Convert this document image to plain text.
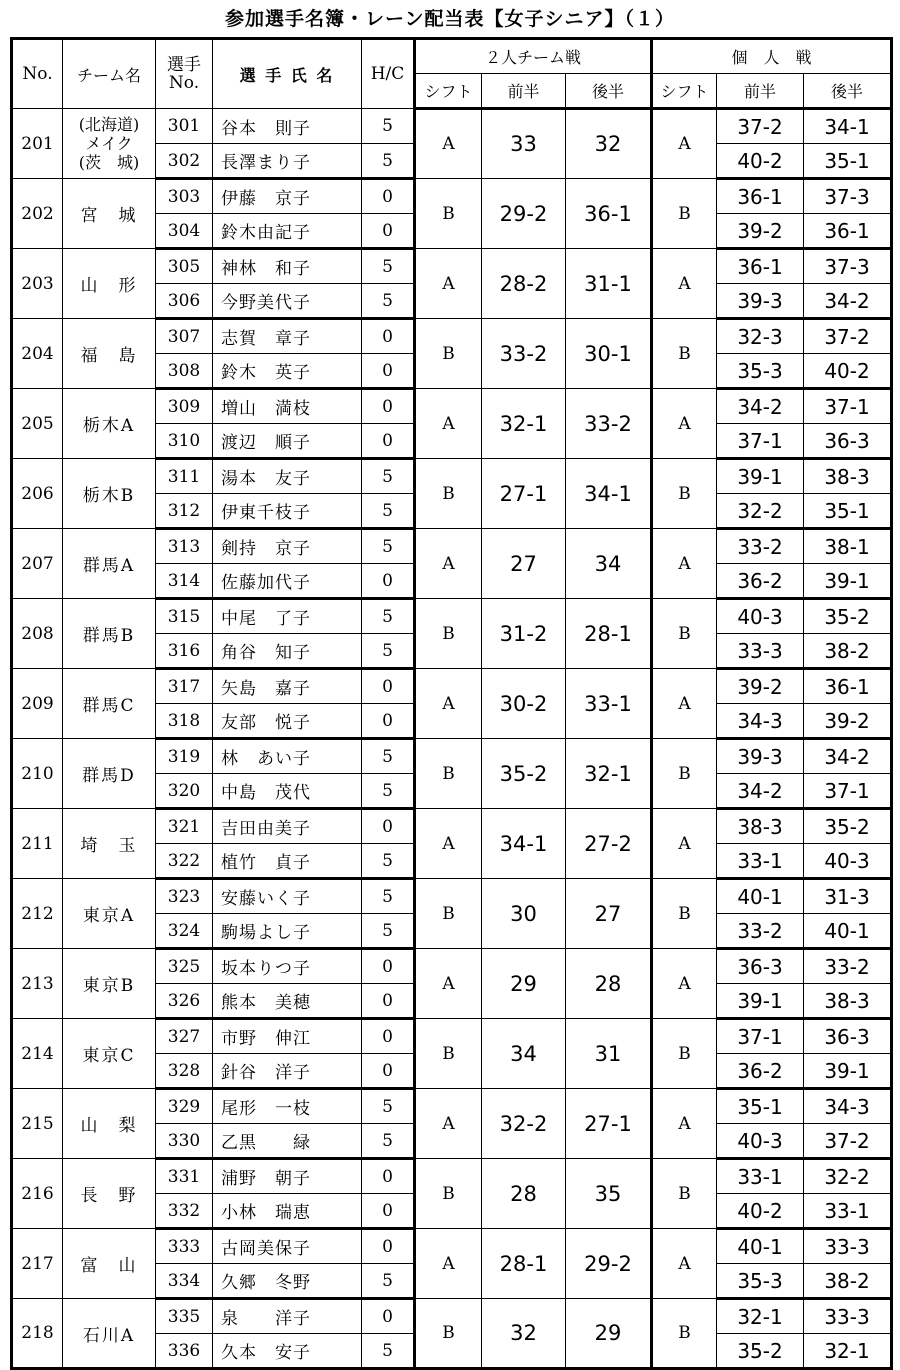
参加選手名簿・レーン配当表【女子シニア】（１）
No.	チーム名	選手
No.	選 手 氏 名	H/C	２人チーム戦			個　人　戦		
					シフト	前半	後半	シフト	前半	後半
201	(北海道)
メイク
(茨　城)	301	谷本　則子	5	A	33	32	A	37-2	34-1
		302	長澤まり子	5					40-2	35-1
202	宮　城	303	伊藤　京子	0	B	29-2	36-1	B	36-1	37-3
		304	鈴木由記子	0					39-2	36-1
203	山　形	305	神林　和子	5	A	28-2	31-1	A	36-1	37-3
		306	今野美代子	5					39-3	34-2
204	福　島	307	志賀　章子	0	B	33-2	30-1	B	32-3	37-2
		308	鈴木　英子	0					35-3	40-2
205	栃木A	309	増山　満枝	0	A	32-1	33-2	A	34-2	37-1
		310	渡辺　順子	0					37-1	36-3
206	栃木B	311	湯本　友子	5	B	27-1	34-1	B	39-1	38-3
		312	伊東千枝子	5					32-2	35-1
207	群馬A	313	剣持　京子	5	A	27	34	A	33-2	38-1
		314	佐藤加代子	0					36-2	39-1
208	群馬B	315	中尾　了子	5	B	31-2	28-1	B	40-3	35-2
		316	角谷　知子	5					33-3	38-2
209	群馬C	317	矢島　嘉子	0	A	30-2	33-1	A	39-2	36-1
		318	友部　悦子	0					34-3	39-2
210	群馬D	319	林　あい子	5	B	35-2	32-1	B	39-3	34-2
		320	中島　茂代	5					34-2	37-1
211	埼　玉	321	吉田由美子	0	A	34-1	27-2	A	38-3	35-2
		322	植竹　貞子	5					33-1	40-3
212	東京A	323	安藤いく子	5	B	30	27	B	40-1	31-3
		324	駒場よし子	5					33-2	40-1
213	東京B	325	坂本りつ子	0	A	29	28	A	36-3	33-2
		326	熊本　美穂	0					39-1	38-3
214	東京C	327	市野　伸江	0	B	34	31	B	37-1	36-3
		328	針谷　洋子	0					36-2	39-1
215	山　梨	329	尾形　一枝	5	A	32-2	27-1	A	35-1	34-3
		330	乙黒　　緑	5					40-3	37-2
216	長　野	331	浦野　朝子	0	B	28	35	B	33-1	32-2
		332	小林　瑞恵	0					40-2	33-1
217	富　山	333	古岡美保子	0	A	28-1	29-2	A	40-1	33-3
		334	久郷　冬野	5					35-3	38-2
218	石川A	335	泉　　洋子	0	B	32	29	B	32-1	33-3
		336	久本　安子	5					35-2	32-1
